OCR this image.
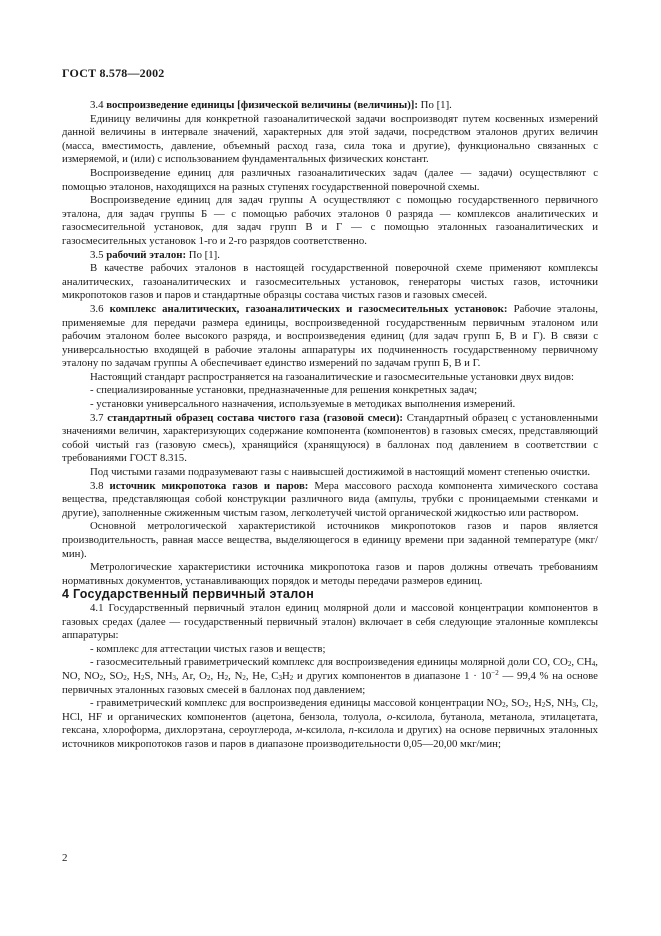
ГОСТ 8.578—2002

3.4 воспроизведение единицы [физической величины (величины)]: По [1].

Единицу величины для конкретной газоаналитической задачи воспроизводят путем косвенных измерений данной величины в интервале значений, характерных для этой задачи, посредством эталонов других величин (масса, вместимость, давление, объемный расход газа, сила тока и другие), функционально связанных с измеряемой, и (или) с использованием фундаментальных физических констант.

Воспроизведение единиц для различных газоаналитических задач (далее — задачи) осуществляют с помощью эталонов, находящихся на разных ступенях государственной поверочной схемы.

Воспроизведение единиц для задач группы А осуществляют с помощью государственного первичного эталона, для задач группы Б — с помощью рабочих эталонов 0 разряда — комплексов аналитических и газосмесительной установок, для задач групп В и Г — с помощью эталонных газоаналитических и газосмесительных установок 1-го и 2-го разрядов соответственно.

3.5 рабочий эталон: По [1].

В качестве рабочих эталонов в настоящей государственной поверочной схеме применяют комплексы аналитических, газоаналитических и газосмесительных установок, генераторы чистых газов, источники микропотоков газов и паров и стандартные образцы состава чистых газов и газовых смесей.

3.6 комплекс аналитических, газоаналитических и газосмесительных установок: Рабочие эталоны, применяемые для передачи размера единицы, воспроизведенной государственным первичным эталоном или рабочим эталоном более высокого разряда, и воспроизведения единиц (для задач групп Б, В и Г). В связи с универсальностью входящей в рабочие эталоны аппаратуры их подчиненность государственному первичному эталону по задачам группы А обеспечивает единство измерений по задачам групп Б, В и Г.

Настоящий стандарт распространяется на газоаналитические и газосмесительные установки двух видов:

- специализированные установки, предназначенные для решения конкретных задач;

- установки универсального назначения, используемые в методиках выполнения измерений.

3.7 стандартный образец состава чистого газа (газовой смеси): Стандартный образец с установленными значениями величин, характеризующих содержание компонента (компонентов) в газовых смесях, представляющий собой чистый газ (газовую смесь), хранящийся (хранящуюся) в баллонах под давлением в соответствии с требованиями ГОСТ 8.315.

Под чистыми газами подразумевают газы с наивысшей достижимой в настоящий момент степенью очистки.

3.8 источник микропотока газов и паров: Мера массового расхода компонента химического состава вещества, представляющая собой конструкции различного вида (ампулы, трубки с проницаемыми стенками и другие), заполненные сжиженным чистым газом, легколетучей чистой органической жидкостью или раствором.

Основной метрологической характеристикой источников микропотоков газов и паров является производительность, равная массе вещества, выделяющегося в единицу времени при заданной температуре (мкг/мин).

Метрологические характеристики источника микропотока газов и паров должны отвечать требованиям нормативных документов, устанавливающих порядок и методы передачи размеров единиц.

4 Государственный первичный эталон

4.1 Государственный первичный эталон единиц молярной доли и массовой концентрации компонентов в газовых средах (далее — государственный первичный эталон) включает в себя следующие эталонные комплексы аппаратуры:

- комплекс для аттестации чистых газов и веществ;

- газосмесительный гравиметрический комплекс для воспроизведения единицы молярной доли CO, CO2, CH4, NO, NO2, SO2, H2S, NH3, Ar, O2, H2, N2, He, C3H2 и других компонентов в диапазоне $1 \cdot 10^{-2}$ — 99,4 % на основе первичных эталонных газовых смесей в баллонах под давлением;

- гравиметрический комплекс для воспроизведения единицы массовой концентрации NO2, SO2, H2S, NH3, Cl2, HCl, HF и органических компонентов (ацетона, бензола, толуола, o-ксилола, бутанола, метанола, этилацетата, гексана, хлороформа, дихлорэтана, сероуглерода, м-ксилола, n-ксилола и других) на основе первичных эталонных источников микропотоков газов и паров в диапазоне производительности 0,05—20,00 мкг/мин;

2
